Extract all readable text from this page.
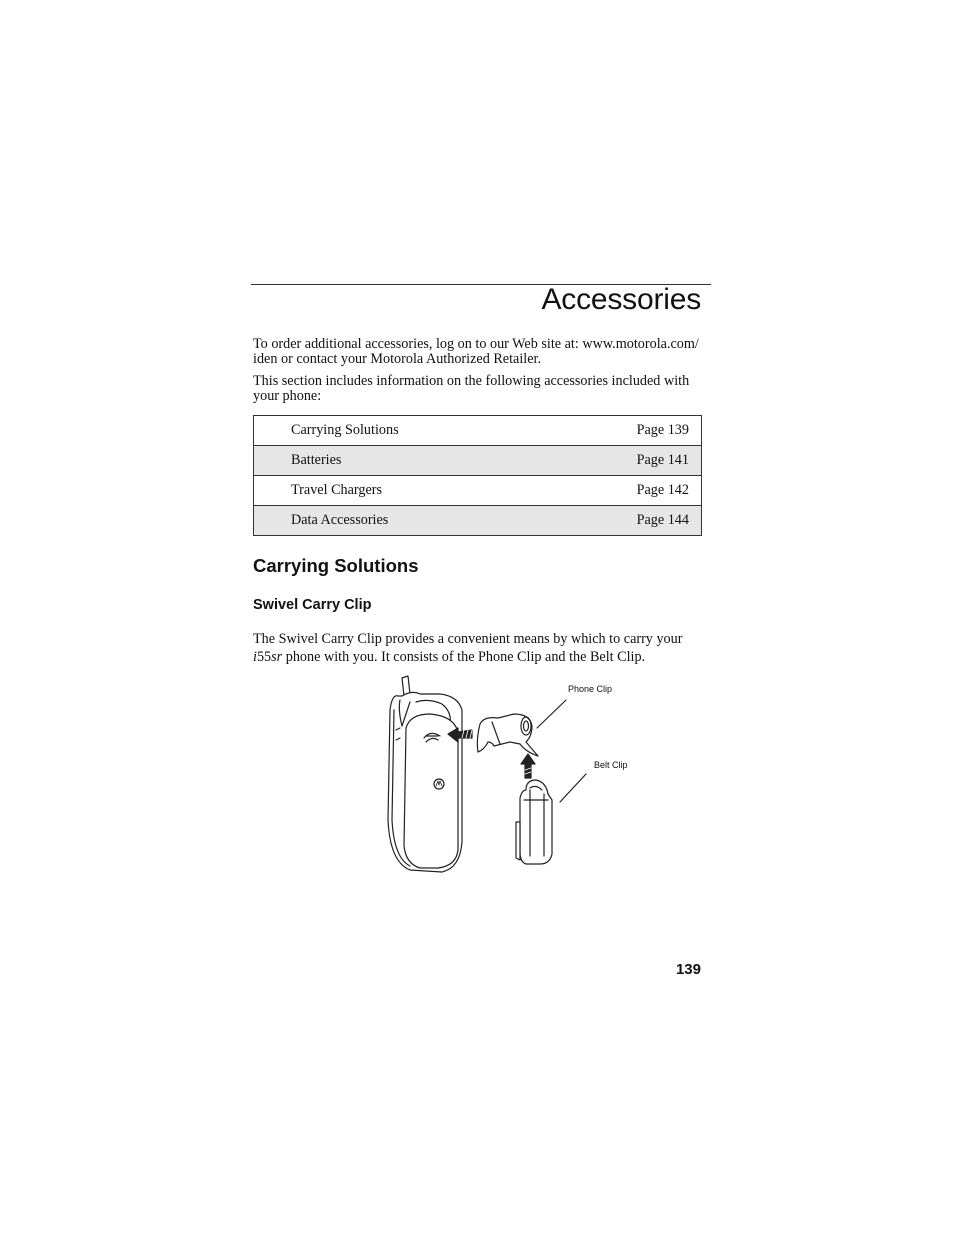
Accessories

To order additional accessories, log on to our Web site at: www.motorola.com/
iden or contact your Motorola Authorized Retailer.

This section includes information on the following accessories included with
your phone:

Carrying Solutions	Page 139
Batteries	Page 141
Travel Chargers	Page 142
Data Accessories	Page 144
Carrying Solutions
Swivel Carry Clip

The Swivel Carry Clip provides a convenient means by which to carry your
i55sr phone with you. It consists of the Phone Clip and the Belt Clip.

Phone Clip
Belt Clip
139
